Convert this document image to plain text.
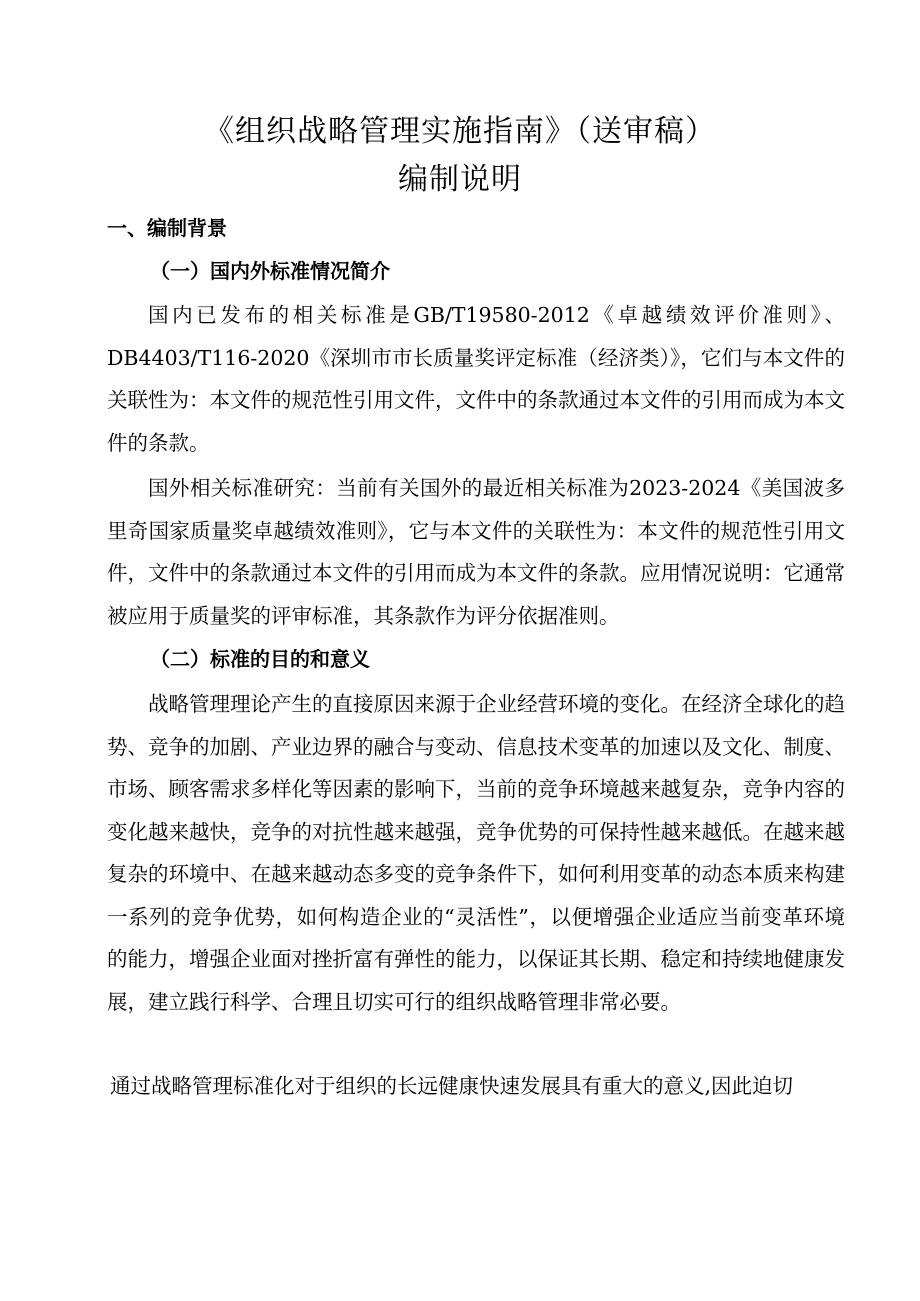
《组织战略管理实施指南》（送审稿）
编制说明
一、编制背景
（一）国内外标准情况简介
国内已发布的相关标准是GB/T19580-2012《卓越绩效评价准则》、DB4403/T116-2020《深圳市市长质量奖评定标准（经济类）》，它们与本文件的关联性为：本文件的规范性引用文件，文件中的条款通过本文件的引用而成为本文件的条款。
国外相关标准研究：当前有关国外的最近相关标准为2023-2024《美国波多里奇国家质量奖卓越绩效准则》，它与本文件的关联性为：本文件的规范性引用文件，文件中的条款通过本文件的引用而成为本文件的条款。应用情况说明：它通常被应用于质量奖的评审标准，其条款作为评分依据准则。
（二）标准的目的和意义
战略管理理论产生的直接原因来源于企业经营环境的变化。在经济全球化的趋势、竞争的加剧、产业边界的融合与变动、信息技术变革的加速以及文化、制度、市场、顾客需求多样化等因素的影响下，当前的竞争环境越来越复杂，竞争内容的变化越来越快，竞争的对抗性越来越强，竞争优势的可保持性越来越低。在越来越复杂的环境中、在越来越动态多变的竞争条件下，如何利用变革的动态本质来构建一系列的竞争优势，如何构造企业的“灵活性”，以便增强企业适应当前变革环境的能力，增强企业面对挫折富有弹性的能力，以保证其长期、稳定和持续地健康发展，建立践行科学、合理且切实可行的组织战略管理非常必要。
通过战略管理标准化对于组织的长远健康快速发展具有重大的意义,因此迫切
